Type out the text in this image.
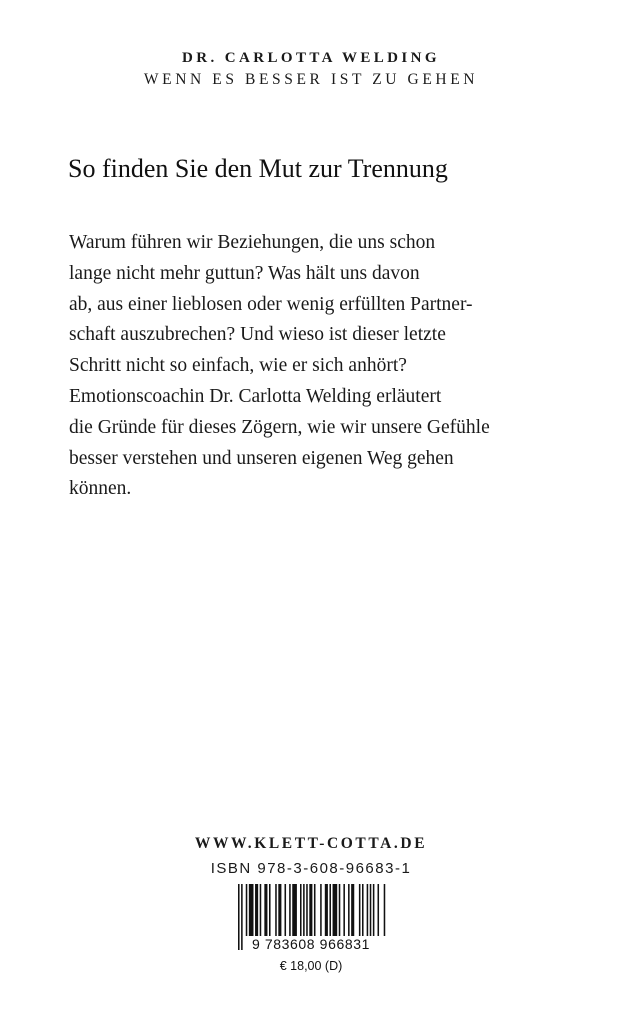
DR. CARLOTTA WELDING
WENN ES BESSER IST ZU GEHEN
So finden Sie den Mut zur Trennung
Warum führen wir Beziehungen, die uns schon
lange nicht mehr guttun? Was hält uns davon
ab, aus einer lieblosen oder wenig erfüllten Partner-
schaft auszubrechen? Und wieso ist dieser letzte
Schritt nicht so einfach, wie er sich anhört?
Emotionscoachin Dr. Carlotta Welding erläutert
die Gründe für dieses Zögern, wie wir unsere Gefühle
besser verstehen und unseren eigenen Weg gehen
können.
WWW.KLETT-COTTA.DE
ISBN 978-3-608-96683-1
9 783608 966831
€ 18,00 (D)
